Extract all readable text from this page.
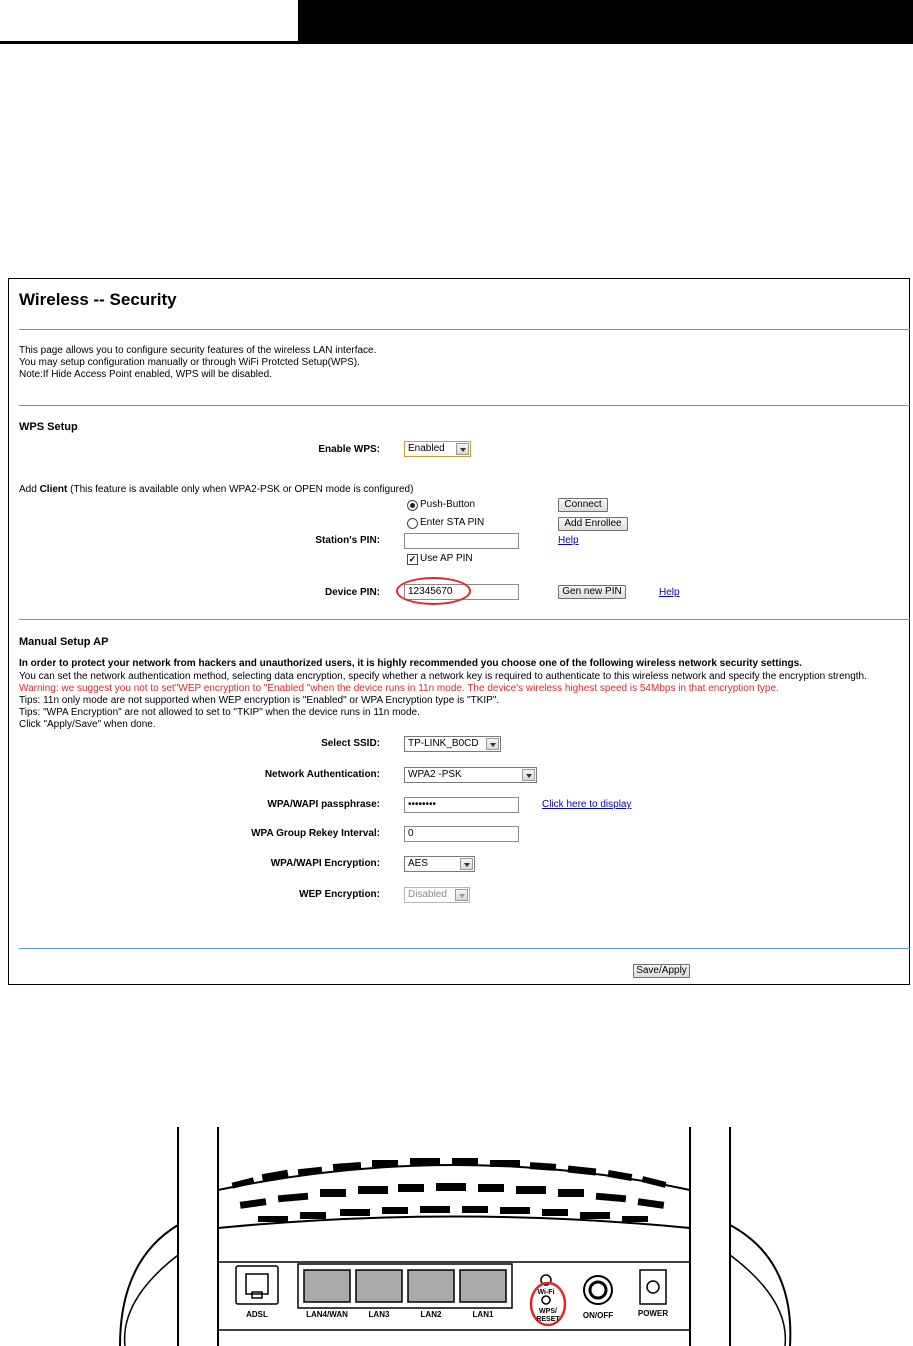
Wireless -- Security
This page allows you to configure security features of the wireless LAN interface.
You may setup configuration manually or through WiFi Protcted Setup(WPS).
Note:If Hide Access Point enabled, WPS will be disabled.
WPS Setup
Enable WPS:	Enabled
Add Client (This feature is available only when WPA2-PSK or OPEN mode is configured)
Push-Button	Connect
Enter STA PIN	Add Enrollee
Station's PIN:	Help
✓ Use AP PIN
Device PIN:	12345670	Gen new PIN	Help
Manual Setup AP
In order to protect your network from hackers and unauthorized users, it is highly recommended you choose one of the following wireless network security settings.
You can set the network authentication method, selecting data encryption, specify whether a network key is required to authenticate to this wireless network and specify the encryption strength.
Warning: we suggest you not to set"WEP encryption to "Enabled "when the device runs in 11n mode. The device's wireless highest speed is 54Mbps in that encryption type.
Tips: 11n only mode are not supported when WEP encryption is "Enabled" or WPA Encryption type is "TKIP".
Tips: "WPA Encryption" are not allowed to set to "TKIP" when the device runs in 11n mode.
Click "Apply/Save" when done.
Select SSID:	TP-LINK_B0CD
Network Authentication:	WPA2 -PSK
WPA/WAPI passphrase:	••••••••	Click here to display
WPA Group Rekey Interval:	0
WPA/WAPI Encryption:	AES
WEP Encryption:	Disabled
Save/Apply
ADSL	LAN4/WAN	LAN3	LAN2	LAN1
Wi-Fi
WPS/
RESET	ON/OFF	POWER
